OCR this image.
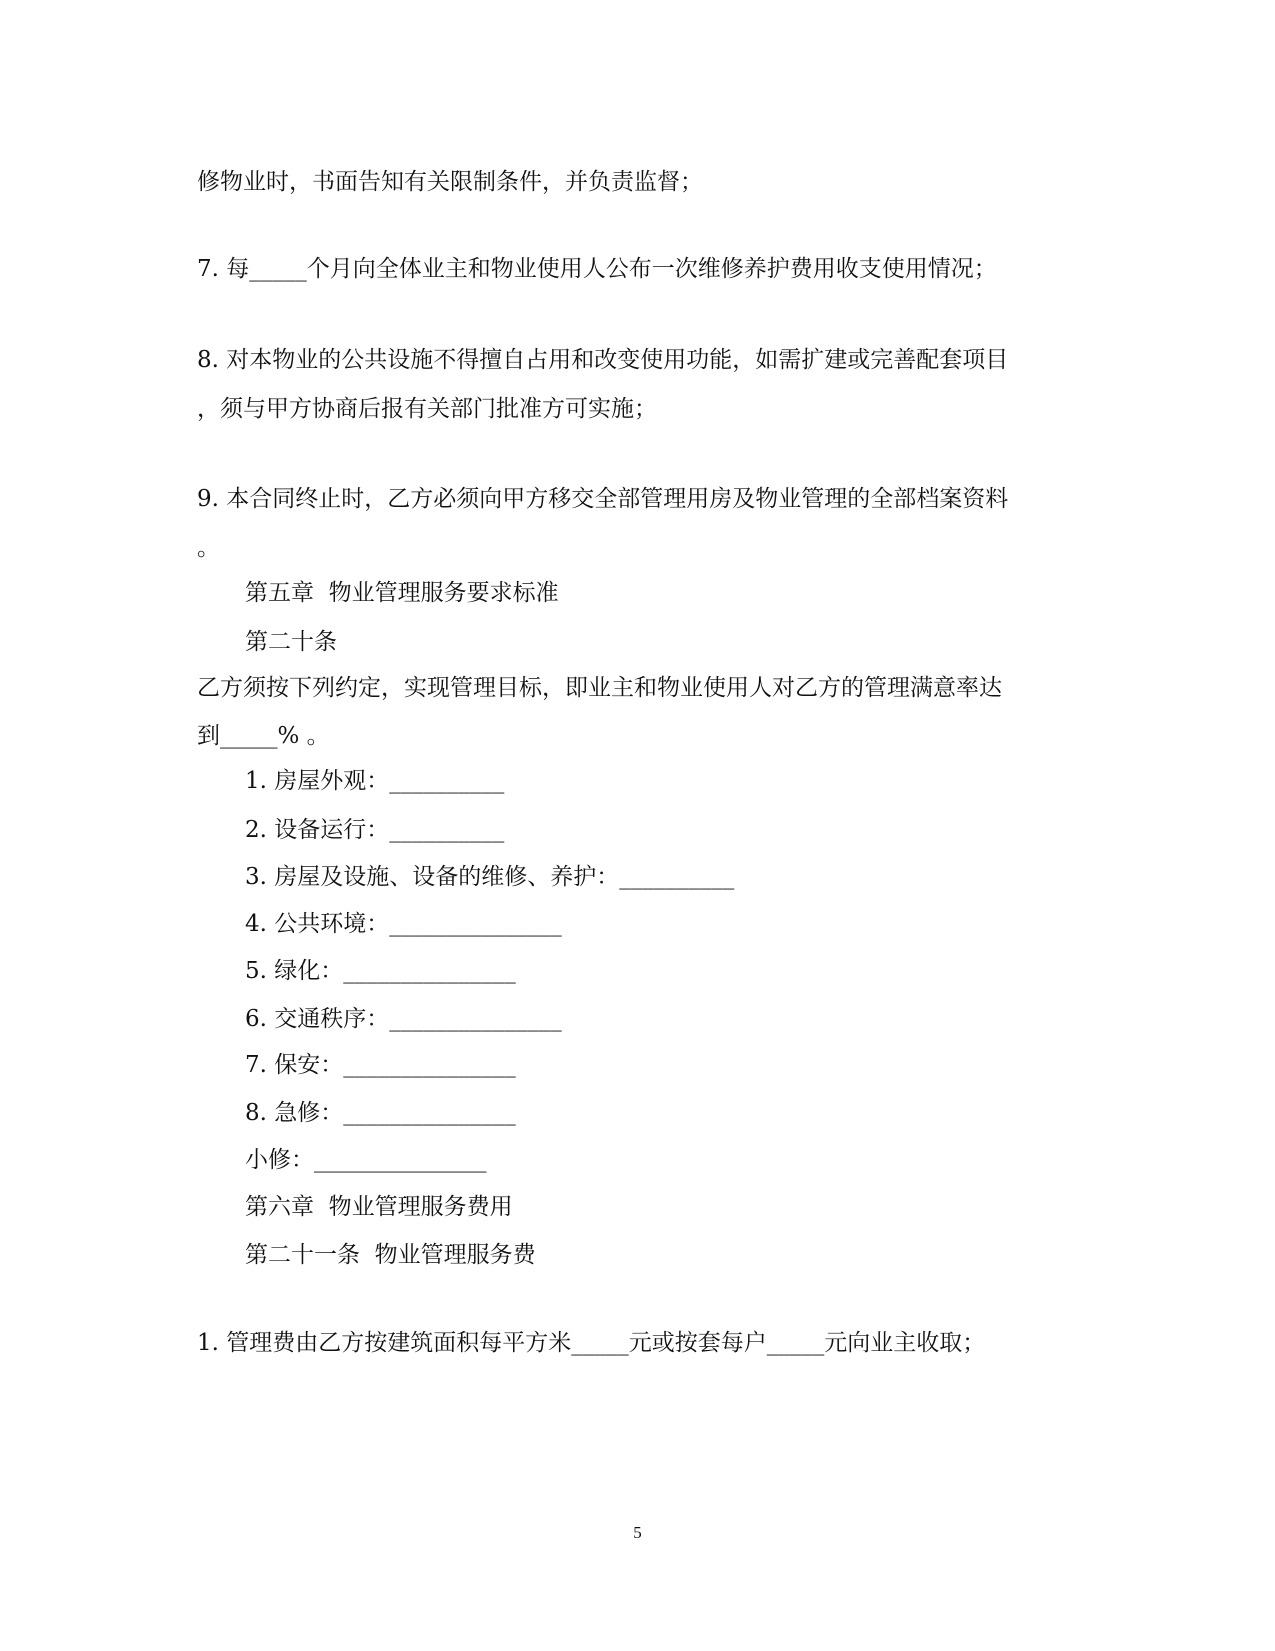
修物业时，书面告知有关限制条件，并负责监督；

7. 每_____个月向全体业主和物业使用人公布一次维修养护费用收支使用情况；

8. 对本物业的公共设施不得擅自占用和改变使用功能，如需扩建或完善配套项目

，须与甲方协商后报有关部门批准方可实施；

9. 本合同终止时，乙方必须向甲方移交全部管理用房及物业管理的全部档案资料

。

第五章  物业管理服务要求标准

第二十条

乙方须按下列约定，实现管理目标，即业主和物业使用人对乙方的管理满意率达

到_____% 。

1. 房屋外观：__________

2. 设备运行：__________

3. 房屋及设施、设备的维修、养护：__________

4. 公共环境：_______________

5. 绿化：_______________

6. 交通秩序：_______________

7. 保安：_______________

8. 急修：_______________

小修：_______________

第六章  物业管理服务费用

第二十一条  物业管理服务费

1. 管理费由乙方按建筑面积每平方米_____元或按套每户_____元向业主收取；

5
